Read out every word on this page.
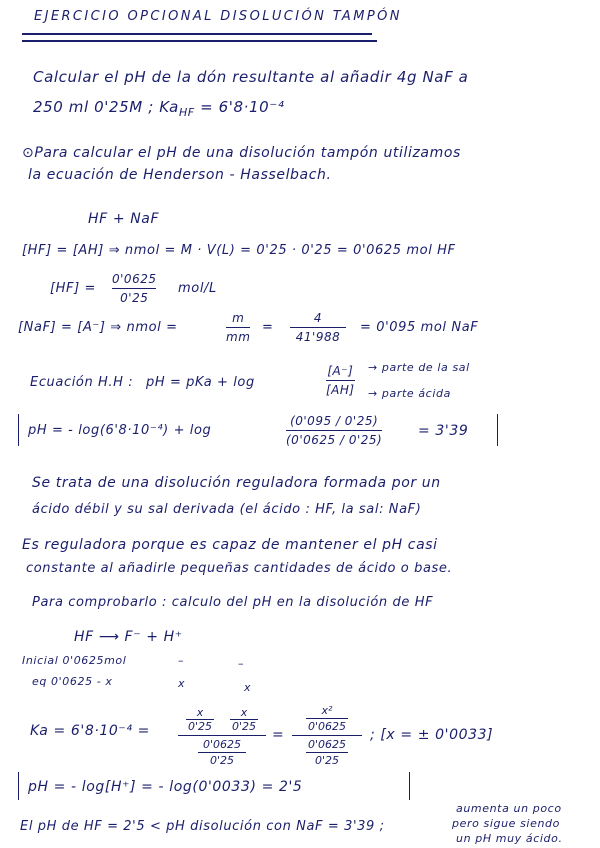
EJERCICIO OPCIONAL DISOLUCIÓN TAMPÓN
Calcular el pH de la dón resultante al añadir 4g NaF a
250 ml 0'25M ; $Ka_{HF} = 6'8\cdot 10^{-4}$
⊙Para calcular el pH de una disolución tampón utilizamos
la ecuación de Henderson - Hasselbach.
HF + NaF
[HF] = [AH] ⇒ nmol = M · V(L) = 0'25 · 0'25 = 0'0625 mol HF
[HF] =
0'0625
0'25
mol/L
[NaF] = [A⁻] ⇒ nmol =
m
mm
=
4
41'988
= 0'095 mol NaF
Ecuación H.H : pH = pKa + log
[A⁻]
[AH]
→ parte de la sal
→ parte ácida
pH = - log(6'8·10⁻⁴) + log
(0'095 / 0'25)
(0'0625 / 0'25)
= 3'39
Se trata de una disolución reguladora formada por un
ácido débil y su sal derivada (el ácido : HF, la sal: NaF)
Es reguladora porque es capaz de mantener el pH casi
constante al añadirle pequeñas cantidades de ácido o base.
Para comprobarlo : calculo del pH en la disolución de HF
HF ⟶ F⁻ + H⁺
Inicial 0'0625mol	–	–
eq 0'0625 - x	x	x
Ka = 6'8·10⁻⁴ =
x
0'25
x
0'25
0'0625
0'25
=
x²
0'0625
0'0625
0'25
; [x = ± 0'0033]
pH = - log[H⁺] = - log(0'0033) = 2'5
El pH de HF = 2'5 < pH disolución con NaF = 3'39 ;
aumenta un poco
pero sigue siendo
un pH muy ácido.
